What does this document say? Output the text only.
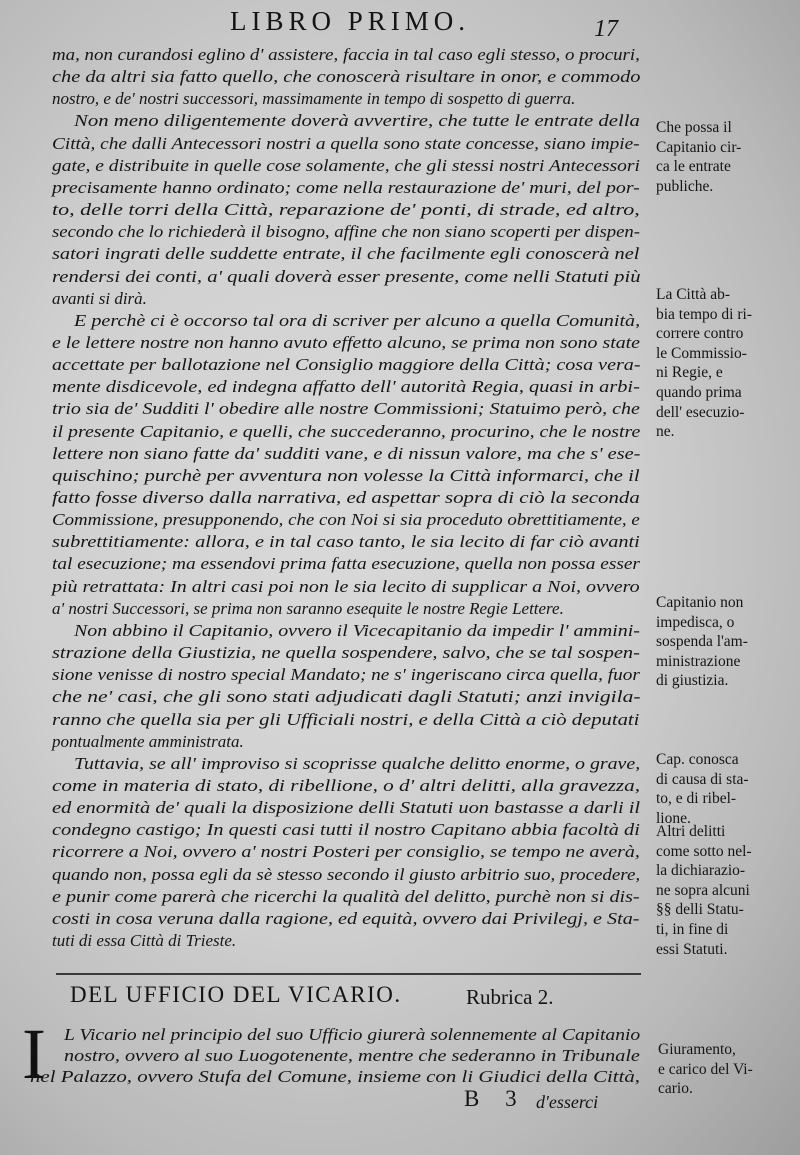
LIBRO PRIMO.	17

ma, non curandosi eglino d' assistere, faccia in tal caso egli stesso, o procuri,

che da altri sia fatto quello, che conoscerà risultare in onor, e commodo

nostro, e de' nostri successori, massimamente in tempo di sospetto di guerra.

Non meno diligentemente doverà avvertire, che tutte le entrate della

Città, che dalli Antecessori nostri a quella sono state concesse, siano impie-

gate, e distribuite in quelle cose solamente, che gli stessi nostri Antecessori

precisamente hanno ordinato; come nella restaurazione de' muri, del por-

to, delle torri della Città, reparazione de' ponti, di strade, ed altro,

secondo che lo richiederà il bisogno, affine che non siano scoperti per dispen-

satori ingrati delle suddette entrate, il che facilmente egli conoscerà nel

rendersi dei conti, a' quali doverà esser presente, come nelli Statuti più

avanti si dirà.

E perchè ci è occorso tal ora di scriver per alcuno a quella Comunità,

e le lettere nostre non hanno avuto effetto alcuno, se prima non sono state

accettate per ballotazione nel Consiglio maggiore della Città; cosa vera-

mente disdicevole, ed indegna affatto dell' autorità Regia, quasi in arbi-

trio sia de' Sudditi l' obedire alle nostre Commissioni; Statuimo però, che

il presente Capitanio, e quelli, che succederanno, procurino, che le nostre

lettere non siano fatte da' sudditi vane, e di nissun valore, ma che s' ese-

quischino; purchè per avventura non volesse la Città informarci, che il

fatto fosse diverso dalla narrativa, ed aspettar sopra di ciò la seconda

Commissione, presupponendo, che con Noi si sia proceduto obrettitiamente, e

subrettitiamente: allora, e in tal caso tanto, le sia lecito di far ciò avanti

tal esecuzione; ma essendovi prima fatta esecuzione, quella non possa esser

più retrattata: In altri casi poi non le sia lecito di supplicar a Noi, ovvero

a' nostri Successori, se prima non saranno esequite le nostre Regie Lettere.

Non abbino il Capitanio, ovvero il Vicecapitanio da impedir l' ammini-

strazione della Giustizia, ne quella sospendere, salvo, che se tal sospen-

sione venisse di nostro special Mandato; ne s' ingeriscano circa quella, fuor

che ne' casi, che gli sono stati adjudicati dagli Statuti; anzi invigila-

ranno che quella sia per gli Ufficiali nostri, e della Città a ciò deputati

pontualmente amministrata.

Tuttavia, se all' improviso si scoprisse qualche delitto enorme, o grave,

come in materia di stato, di ribellione, o d' altri delitti, alla gravezza,

ed enormità de' quali la disposizione delli Statuti uon bastasse a darli il

condegno castigo; In questi casi tutti il nostro Capitano abbia facoltà di

ricorrere a Noi, ovvero a' nostri Posteri per consiglio, se tempo ne averà,

quando non, possa egli da sè stesso secondo il giusto arbitrio suo, procedere,

e punir come parerà che ricerchi la qualità del delitto, purchè non si dis-

costi in cosa veruna dalla ragione, ed equità, ovvero dai Privilegj, e Sta-

tuti di essa Città di Trieste.

Che possa il
Capitanio cir-
ca le entrate
publiche.
La Città ab-
bia tempo di ri-
correre contro
le Commissio-
ni Regie, e
quando prima
dell' esecuzio-
ne.
Capitanio non
impedisca, o
sospenda l'am-
ministrazione
di giustizia.
Cap. conosca
di causa di sta-
to, e di ribel-
lione.
Altri delitti
come sotto nel-
la dichiarazio-
ne sopra alcuni
§§ delli Statu-
ti, in fine di
essi Statuti.
Giuramento,
e carico del Vi-
cario.
DEL UFFICIO DEL VICARIO.	Rubrica 2.
I L Vicario nel principio del suo Ufficio giurerà solennemente al Capitanio

nostro, ovvero al suo Luogotenente, mentre che sederanno in Tribunale

nel Palazzo, ovvero Stufa del Comune, insieme con li Giudici della Città,

B 3 d'esserci
